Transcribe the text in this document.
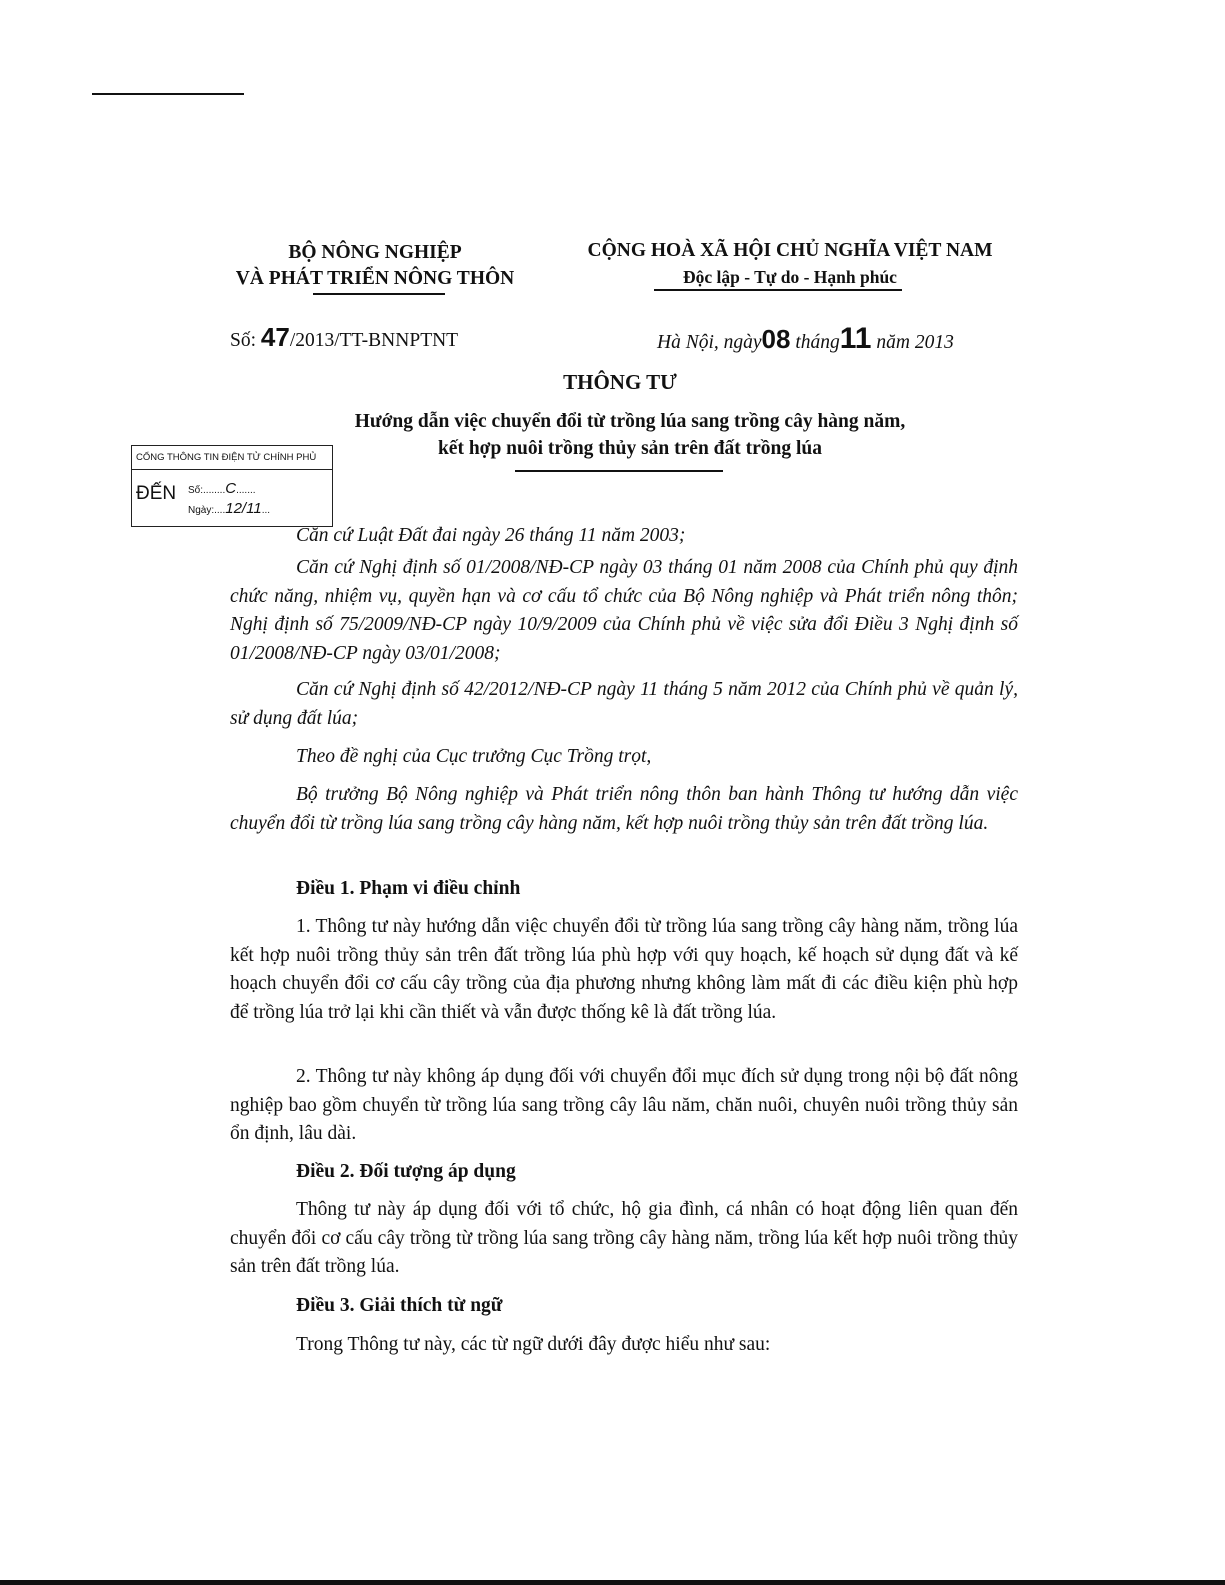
BỘ NÔNG NGHIỆP
VÀ PHÁT TRIỂN NÔNG THÔN
CỘNG HOÀ XÃ HỘI CHỦ NGHĨA VIỆT NAM
Độc lập - Tự do - Hạnh phúc
Số: 47/2013/TT-BNNPTNT	Hà Nội, ngày08 tháng11 năm 2013
THÔNG TƯ
Hướng dẫn việc chuyển đổi từ trồng lúa sang trồng cây hàng năm,
kết hợp nuôi trồng thủy sản trên đất trồng lúa
CỔNG THÔNG TIN ĐIỆN TỬ CHÍNH PHỦ
ĐẾN Số:........C.......
Ngày:....12/11...
Căn cứ Luật Đất đai ngày 26 tháng 11 năm 2003;
Căn cứ Nghị định số 01/2008/NĐ-CP ngày 03 tháng 01 năm 2008 của Chính phủ quy định chức năng, nhiệm vụ, quyền hạn và cơ cấu tổ chức của Bộ Nông nghiệp và Phát triển nông thôn; Nghị định số 75/2009/NĐ-CP ngày 10/9/2009 của Chính phủ về việc sửa đổi Điều 3 Nghị định số 01/2008/NĐ-CP ngày 03/01/2008;
Căn cứ Nghị định số 42/2012/NĐ-CP ngày 11 tháng 5 năm 2012 của Chính phủ về quản lý, sử dụng đất lúa;
Theo đề nghị của Cục trưởng Cục Trồng trọt,
Bộ trưởng Bộ Nông nghiệp và Phát triển nông thôn ban hành Thông tư hướng dẫn việc chuyển đổi từ trồng lúa sang trồng cây hàng năm, kết hợp nuôi trồng thủy sản trên đất trồng lúa.
Điều 1. Phạm vi điều chỉnh
1. Thông tư này hướng dẫn việc chuyển đổi từ trồng lúa sang trồng cây hàng năm, trồng lúa kết hợp nuôi trồng thủy sản trên đất trồng lúa phù hợp với quy hoạch, kế hoạch sử dụng đất và kế hoạch chuyển đổi cơ cấu cây trồng của địa phương nhưng không làm mất đi các điều kiện phù hợp để trồng lúa trở lại khi cần thiết và vẫn được thống kê là đất trồng lúa.
2. Thông tư này không áp dụng đối với chuyển đổi mục đích sử dụng trong nội bộ đất nông nghiệp bao gồm chuyển từ trồng lúa sang trồng cây lâu năm, chăn nuôi, chuyên nuôi trồng thủy sản ổn định, lâu dài.
Điều 2. Đối tượng áp dụng
Thông tư này áp dụng đối với tổ chức, hộ gia đình, cá nhân có hoạt động liên quan đến chuyển đổi cơ cấu cây trồng từ trồng lúa sang trồng cây hàng năm, trồng lúa kết hợp nuôi trồng thủy sản trên đất trồng lúa.
Điều 3. Giải thích từ ngữ
Trong Thông tư này, các từ ngữ dưới đây được hiểu như sau:
